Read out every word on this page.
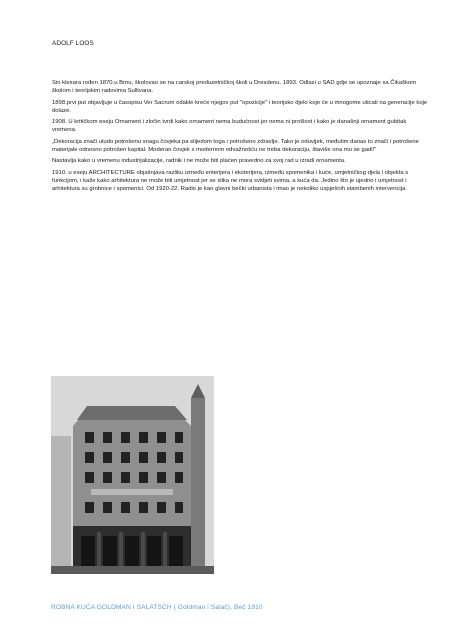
ADOLF LOOS

Sin klesara rođen 1870.u Brnu, školovao se na carskoj preduzetničkoj školi u Dresdenu. 1893. Odlazi u SAD gdje se upoznaje sa Čikaškom školom i teorijskim radovima Sullivana.

1898.prvi put objavljuje u časopisu Ver Sacrum odakle kreće njegov put "opozicije" i teorijsko djelo koje će u mnogome uticati na generacije koje dolaze.

1908. U kritičkom eseju Ornament i zločin tvrdi kako ornament nema budućnost jer nema ni prošlost i kako je današnji ornament gubitak vremena.

„Dekoracija znači uludo potrošenu snagu čovjeka pa slijedom toga i potrošeno zdravlje. Tako je oduvijek, međutim danas to znači i potrošene materijale odnosno potrošen kapital. Moderan čovjek s modernom odvažnošću ne treba dekoraciju, štaviše ona mu se gadi!"

Nastavlja kako u vremenu industrijalizacije, radnik i ne može biti plaćen pravedno za svoj rad u izradi ornamenta.

1910. u eseju ARCHITECTURE objašnjava razliku između enterijera i eksterijera, između spomenika i kuće, umjetničkog djela i objekta s funkcijom, i kaže kako arhitektura ne može biti umjetnost jer se slika ne mora svidjeti svima, a kuća da. Jedino što je ujedno i umjetnost i arhitektura su grobnice i spomenici. Od 1920-22. Radio je kao glavni bečki urbanista i imao je nekoliko uspješnih stambenih intervencija.

ROBNA KUĆA GOLDMAN I SALATSCH ( Goldman i Salač), Beč 1910
